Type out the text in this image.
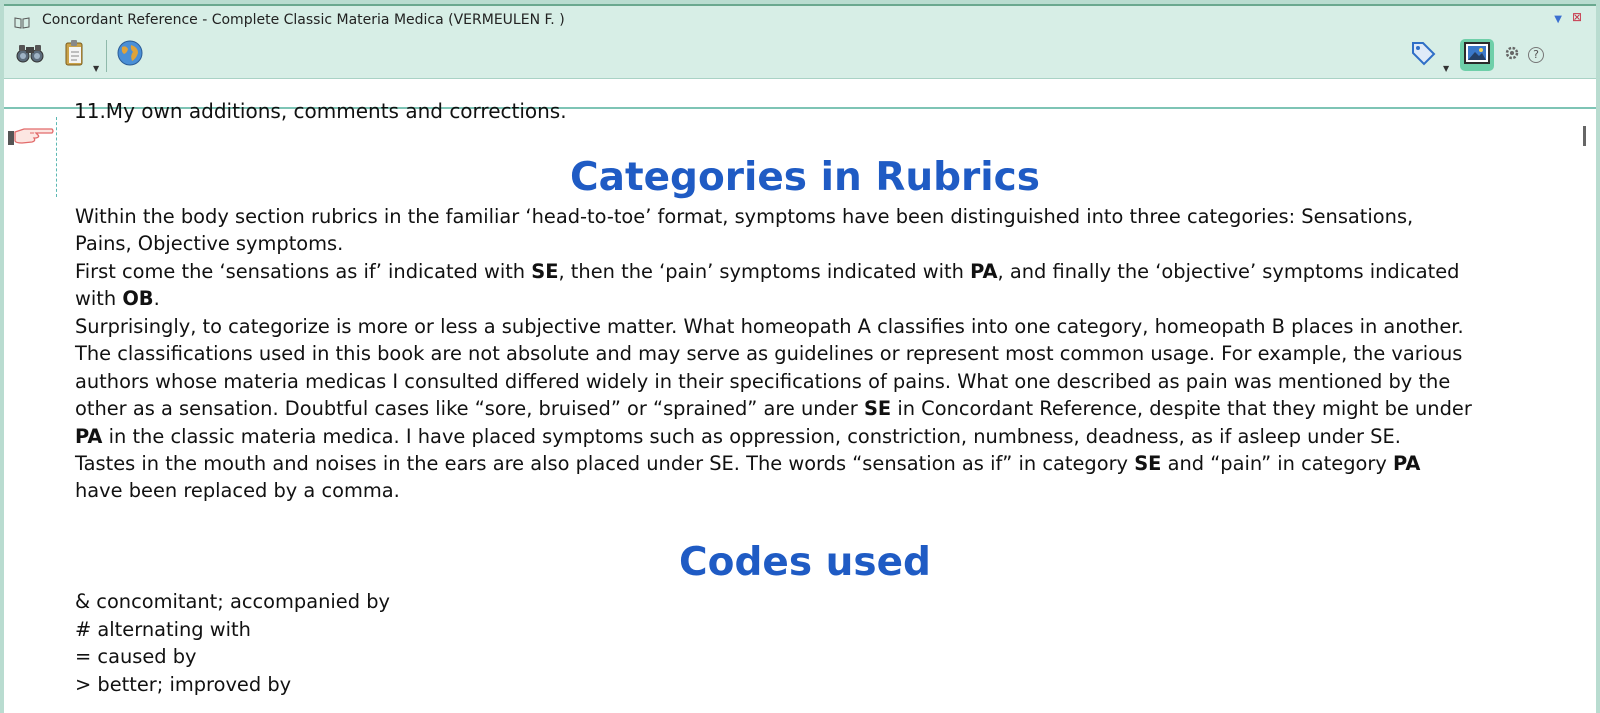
Concordant Reference - Complete Classic Materia Medica (VERMEULEN F. )	▼ ⊠
▼	▼
?
11.My own additions, comments and corrections.
Categories in Rubrics
Within the body section rubrics in the familiar ‘head-to-toe’ format, symptoms have been distinguished into three categories: Sensations,
Pains, Objective symptoms.
First come the ‘sensations as if’ indicated with SE, then the ‘pain’ symptoms indicated with PA, and finally the ‘objective’ symptoms indicated
with OB.
Surprisingly, to categorize is more or less a subjective matter. What homeopath A classifies into one category, homeopath B places in another.
The classifications used in this book are not absolute and may serve as guidelines or represent most common usage. For example, the various
authors whose materia medicas I consulted differed widely in their specifications of pains. What one described as pain was mentioned by the
other as a sensation. Doubtful cases like “sore, bruised” or “sprained” are under SE in Concordant Reference, despite that they might be under
PA in the classic materia medica. I have placed symptoms such as oppression, constriction, numbness, deadness, as if asleep under SE.
Tastes in the mouth and noises in the ears are also placed under SE. The words “sensation as if” in category SE and “pain” in category PA
have been replaced by a comma.
Codes used
& concomitant; accompanied by
# alternating with
= caused by
> better; improved by
